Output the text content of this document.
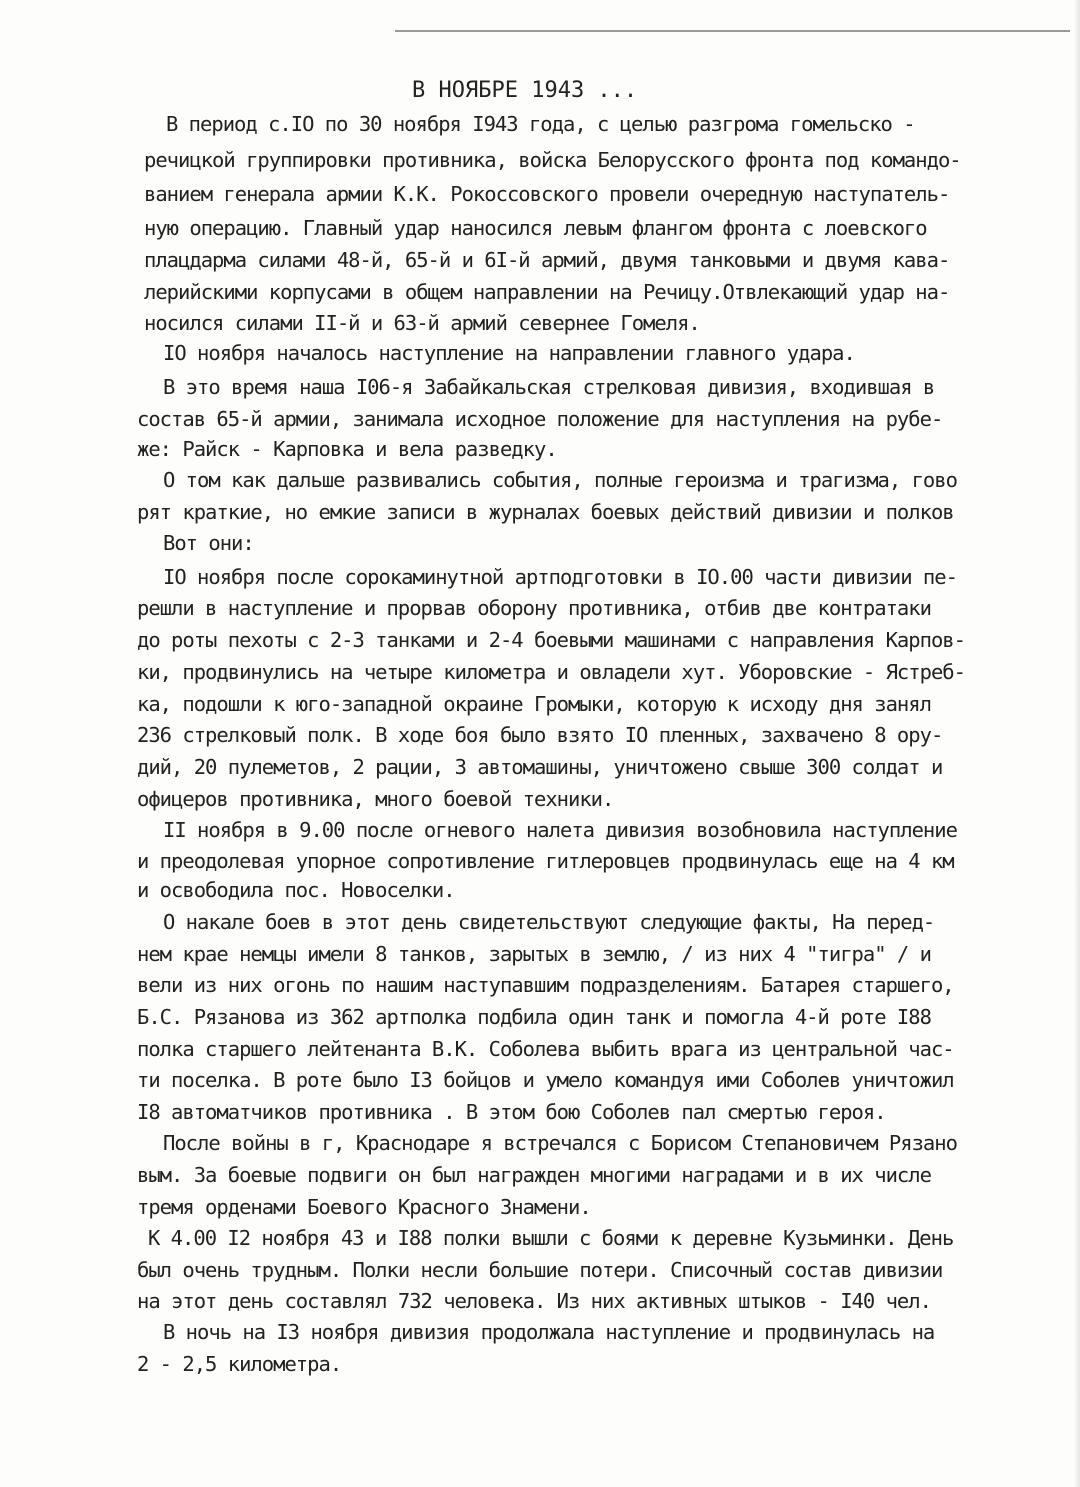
В НОЯБРЕ 1943 ...

В период с.IO по 30 ноября I943 года, с целью разгрома гомельско -

речицкой группировки противника, войска Белорусского фронта под командо-

ванием генерала армии К.К. Рокоссовского провели очередную наступатель-

ную операцию. Главный удар наносился левым флангом фронта с лоевского

плацдарма силами 48-й, 65-й и 6I-й армий, двумя танковыми и двумя кава-

лерийскими корпусами в общем направлении на Речицу.Отвлекающий удар на-

носился силами II-й и 63-й армий севернее Гомеля.

IO ноября началось наступление на направлении главного удара.

В это время наша I06-я Забайкальская стрелковая дивизия, входившая в

состав 65-й армии, занимала исходное положение для наступления на рубе-

же: Райск - Карповка и вела разведку.

О том как дальше развивались события, полные героизма и трагизма, гово

рят краткие, но емкие записи в журналах боевых действий дивизии и полков

Вот они:

IO ноября после сорокаминутной артподготовки в IO.00 части дивизии пе-

решли в наступление и прорвав оборону противника, отбив две контратаки

до роты пехоты с 2-3 танками и 2-4 боевыми машинами с направления Карпов-

ки, продвинулись на четыре километра и овладели хут. Уборовские - Ястреб-

ка, подошли к юго-западной окраине Громыки, которую к исходу дня занял

236 стрелковый полк. В ходе боя было взято IO пленных, захвачено 8 ору-

дий, 20 пулеметов, 2 рации, 3 автомашины, уничтожено свыше 300 солдат и

офицеров противника, много боевой техники.

II ноября в 9.00 после огневого налета дивизия возобновила наступление

и преодолевая упорное сопротивление гитлеровцев продвинулась еще на 4 км

и освободила пос. Новоселки.

О накале боев в этот день свидетельствуют следующие факты, На перед-

нем крае немцы имели 8 танков, зарытых в землю, / из них 4 "тигра" / и

вели из них огонь по нашим наступавшим подразделениям. Батарея старшего,

Б.С. Рязанова из 362 артполка подбила один танк и помогла 4-й роте I88

полка старшего лейтенанта В.К. Соболева выбить врага из центральной час-

ти поселка. В роте было I3 бойцов и умело командуя ими Соболев уничтожил

I8 автоматчиков противника . В этом бою Соболев пал смертью героя.

После войны в г, Краснодаре я встречался с Борисом Степановичем Рязано

вым. За боевые подвиги он был награжден многими наградами и в их числе

тремя орденами Боевого Красного Знамени.

К 4.00 I2 ноября 43 и I88 полки вышли с боями к деревне Кузьминки. День

был очень трудным. Полки несли большие потери. Списочный состав дивизии

на этот день составлял 732 человека. Из них активных штыков - I40 чел.

В ночь на I3 ноября дивизия продолжала наступление и продвинулась на

2 - 2,5 километра.
